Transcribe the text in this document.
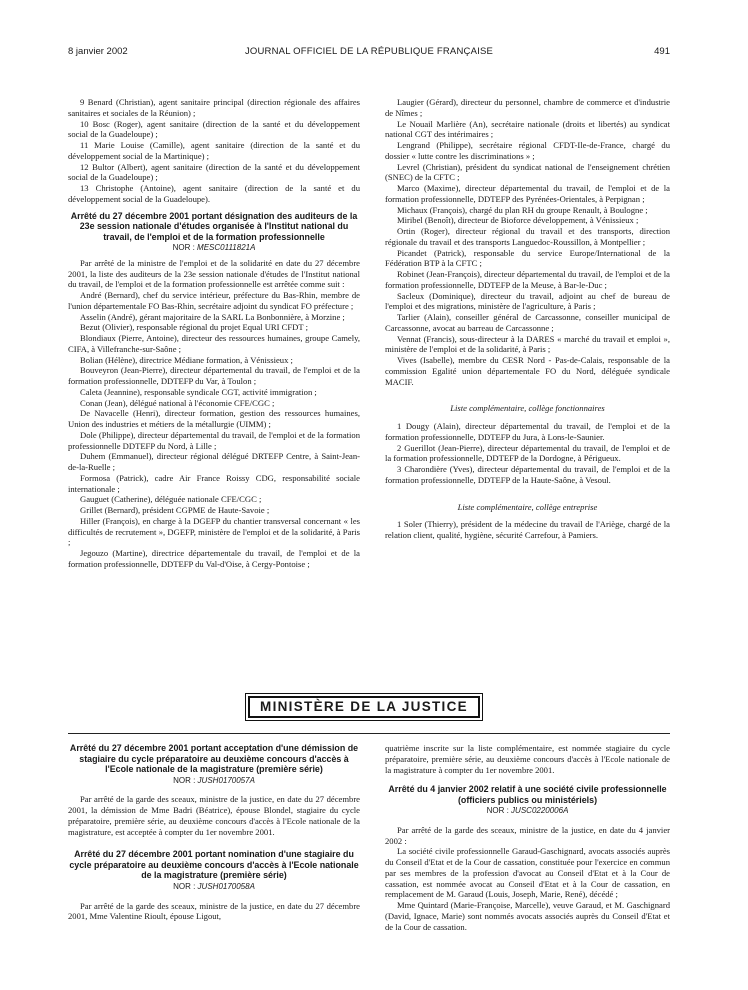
8 janvier 2002	JOURNAL OFFICIEL DE LA RÉPUBLIQUE FRANÇAISE	491

9 Benard (Christian), agent sanitaire principal (direction régionale des affaires sanitaires et sociales de la Réunion) ;

10 Bosc (Roger), agent sanitaire (direction de la santé et du développement social de la Guadeloupe) ;

11 Marie Louise (Camille), agent sanitaire (direction de la santé et du développement social de la Martinique) ;

12 Bultor (Albert), agent sanitaire (direction de la santé et du développement social de la Guadeloupe) ;

13 Christophe (Antoine), agent sanitaire (direction de la santé et du développement social de la Guadeloupe).

Arrêté du 27 décembre 2001 portant désignation des auditeurs de la 23e session nationale d'études organisée à l'Institut national du travail, de l'emploi et de la formation professionnelle
NOR : MESC0111821A

Par arrêté de la ministre de l'emploi et de la solidarité en date du 27 décembre 2001, la liste des auditeurs de la 23e session nationale d'études de l'Institut national du travail, de l'emploi et de la formation professionnelle est arrêtée comme suit :

André (Bernard), chef du service intérieur, préfecture du Bas-Rhin, membre de l'union départementale FO Bas-Rhin, secrétaire adjoint du syndicat FO préfecture ;

Asselin (André), gérant majoritaire de la SARL La Bonbonnière, à Morzine ;

Bezut (Olivier), responsable régional du projet Equal URI CFDT ;

Blondiaux (Pierre, Antoine), directeur des ressources humaines, groupe Camely, CIFA, à Villefranche-sur-Saône ;

Bolian (Hélène), directrice Médiane formation, à Vénissieux ;

Bouveyron (Jean-Pierre), directeur départemental du travail, de l'emploi et de la formation professionnelle, DDTEFP du Var, à Toulon ;

Caleta (Jeannine), responsable syndicale CGT, activité immigration ;

Conan (Jean), délégué national à l'économie CFE/CGC ;

De Navacelle (Henri), directeur formation, gestion des ressources humaines, Union des industries et métiers de la métallurgie (UIMM) ;

Dole (Philippe), directeur départemental du travail, de l'emploi et de la formation professionnelle DDTEFP du Nord, à Lille ;

Duhem (Emmanuel), directeur régional délégué DRTEFP Centre, à Saint-Jean-de-la-Ruelle ;

Formosa (Patrick), cadre Air France Roissy CDG, responsabilité sociale internationale ;

Gauguet (Catherine), déléguée nationale CFE/CGC ;

Grillet (Bernard), président CGPME de Haute-Savoie ;

Hiller (François), en charge à la DGEFP du chantier transversal concernant « les difficultés de recrutement », DGEFP, ministère de l'emploi et de la solidarité, à Paris ;

Jegouzo (Martine), directrice départementale du travail, de l'emploi et de la formation professionnelle, DDTEFP du Val-d'Oise, à Cergy-Pontoise ;

Laugier (Gérard), directeur du personnel, chambre de commerce et d'industrie de Nîmes ;

Le Nouail Marlière (An), secrétaire nationale (droits et libertés) au syndicat national CGT des intérimaires ;

Lengrand (Philippe), secrétaire régional CFDT-Ile-de-France, chargé du dossier « lutte contre les discriminations » ;

Levrel (Christian), président du syndicat national de l'enseignement chrétien (SNEC) de la CFTC ;

Marco (Maxime), directeur départemental du travail, de l'emploi et de la formation professionnelle, DDTEFP des Pyrénées-Orientales, à Perpignan ;

Michaux (François), chargé du plan RH du groupe Renault, à Boulogne ;

Miribel (Benoît), directeur de Bioforce développement, à Vénissieux ;

Ortin (Roger), directeur régional du travail et des transports, direction régionale du travail et des transports Languedoc-Roussillon, à Montpellier ;

Picandet (Patrick), responsable du service Europe/International de la Fédération BTP à la CFTC ;

Robinet (Jean-François), directeur départemental du travail, de l'emploi et de la formation professionnelle, DDTEFP de la Meuse, à Bar-le-Duc ;

Sacleux (Dominique), directeur du travail, adjoint au chef de bureau de l'emploi et des migrations, ministère de l'agriculture, à Paris ;

Tarlier (Alain), conseiller général de Carcassonne, conseiller municipal de Carcassonne, avocat au barreau de Carcassonne ;

Vennat (Francis), sous-directeur à la DARES « marché du travail et emploi », ministère de l'emploi et de la solidarité, à Paris ;

Vives (Isabelle), membre du CESR Nord - Pas-de-Calais, responsable de la commission Egalité union départementale FO du Nord, déléguée syndicale MACIF.

Liste complémentaire, collège fonctionnaires

1 Dougy (Alain), directeur départemental du travail, de l'emploi et de la formation professionnelle, DDTEFP du Jura, à Lons-le-Saunier.

2 Guerillot (Jean-Pierre), directeur départemental du travail, de l'emploi et de la formation professionnelle, DDTEFP de la Dordogne, à Périgueux.

3 Charondière (Yves), directeur départemental du travail, de l'emploi et de la formation professionnelle, DDTEFP de la Haute-Saône, à Vesoul.

Liste complémentaire, collège entreprise

1 Soler (Thierry), président de la médecine du travail de l'Ariège, chargé de la relation client, qualité, hygiène, sécurité Carrefour, à Pamiers.

MINISTÈRE DE LA JUSTICE
Arrêté du 27 décembre 2001 portant acceptation d'une démission de stagiaire du cycle préparatoire au deuxième concours d'accès à l'Ecole nationale de la magistrature (première série)
NOR : JUSH0170057A

Par arrêté de la garde des sceaux, ministre de la justice, en date du 27 décembre 2001, la démission de Mme Badri (Béatrice), épouse Blondel, stagiaire du cycle préparatoire, première série, au deuxième concours d'accès à l'Ecole nationale de la magistrature, est acceptée à compter du 1er novembre 2001.

Arrêté du 27 décembre 2001 portant nomination d'une stagiaire du cycle préparatoire au deuxième concours d'accès à l'Ecole nationale de la magistrature (première série)
NOR : JUSH0170058A

Par arrêté de la garde des sceaux, ministre de la justice, en date du 27 décembre 2001, Mme Valentine Rioult, épouse Ligout,

quatrième inscrite sur la liste complémentaire, est nommée stagiaire du cycle préparatoire, première série, au deuxième concours d'accès à l'Ecole nationale de la magistrature à compter du 1er novembre 2001.

Arrêté du 4 janvier 2002 relatif à une société civile professionnelle (officiers publics ou ministériels)
NOR : JUSC0220006A

Par arrêté de la garde des sceaux, ministre de la justice, en date du 4 janvier 2002 :

La société civile professionnelle Garaud-Gaschignard, avocats associés auprès du Conseil d'Etat et de la Cour de cassation, constituée pour l'exercice en commun par ses membres de la profession d'avocat au Conseil d'Etat et à la Cour de cassation, est nommée avocat au Conseil d'Etat et à la Cour de cassation, en remplacement de M. Garaud (Louis, Joseph, Marie, René), décédé ;

Mme Quintard (Marie-Françoise, Marcelle), veuve Garaud, et M. Gaschignard (David, Ignace, Marie) sont nommés avocats associés auprès du Conseil d'Etat et de la Cour de cassation.
